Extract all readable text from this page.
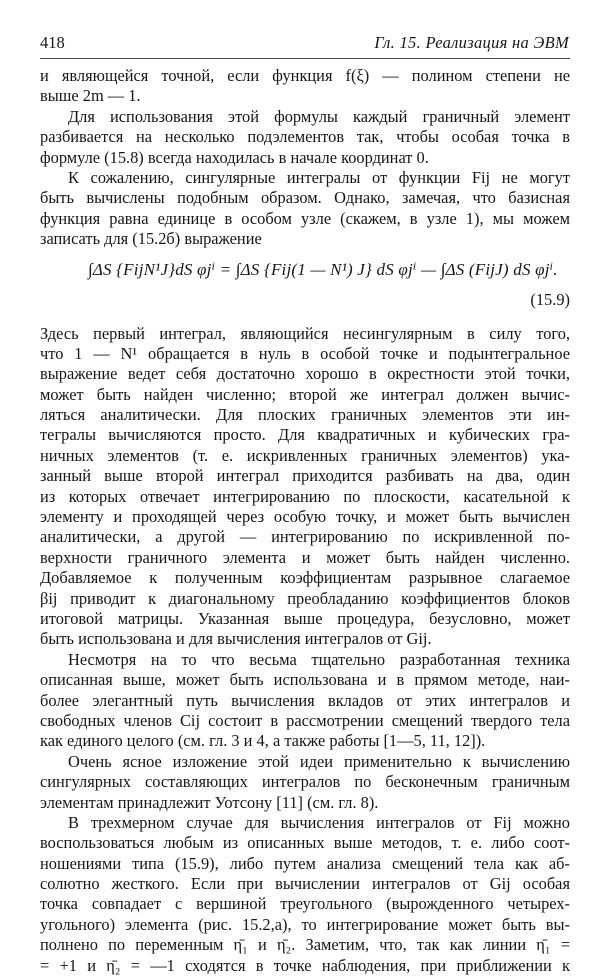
418	Гл. 15. Реализация на ЭВМ
и являющейся точной, если функция f(ξ) — полином степени не
выше 2m — 1.
Для использования этой формулы каждый граничный элемент
разбивается на несколько подэлементов так, чтобы особая точка в
формуле (15.8) всегда находилась в начале координат 0.
К сожалению, сингулярные интегралы от функции Fij не могут
быть вычислены подобным образом. Однако, замечая, что базисная
функция равна единице в особом узле (скажем, в узле 1), мы можем
записать для (15.2б) выражение
∫ΔS {FijN¹J}dS φjⁱ = ∫ΔS {Fij(1 — N¹) J} dS φjⁱ — ∫ΔS (FijJ) dS φjⁱ.
(15.9)
Здесь первый интеграл, являющийся несингулярным в силу того,
что 1 — N¹ обращается в нуль в особой точке и подынтегральное
выражение ведет себя достаточно хорошо в окрестности этой точки,
может быть найден численно; второй же интеграл должен вычис-
ляться аналитически. Для плоских граничных элементов эти ин-
тегралы вычисляются просто. Для квадратичных и кубических гра-
ничных элементов (т. е. искривленных граничных элементов) ука-
занный выше второй интеграл приходится разбивать на два, один
из которых отвечает интегрированию по плоскости, касательной к
элементу и проходящей через особую точку, и может быть вычислен
аналитически, а другой — интегрированию по искривленной по-
верхности граничного элемента и может быть найден численно.
Добавляемое к полученным коэффициентам разрывное слагаемое
βij приводит к диагональному преобладанию коэффициентов блоков
итоговой матрицы. Указанная выше процедура, безусловно, может
быть использована и для вычисления интегралов от Gij.
Несмотря на то что весьма тщательно разработанная техника
описанная выше, может быть использована и в прямом методе, наи-
более элегантный путь вычисления вкладов от этих интегралов и
свободных членов Cij состоит в рассмотрении смещений твердого тела
как единого целого (см. гл. 3 и 4, а также работы [1—5, 11, 12]).
Очень ясное изложение этой идеи применительно к вычислению
сингулярных составляющих интегралов по бесконечным граничным
элементам принадлежит Уотсону [11] (см. гл. 8).
В трехмерном случае для вычисления интегралов от Fij можно
воспользоваться любым из описанных выше методов, т. е. либо соот-
ношениями типа (15.9), либо путем анализа смещений тела как аб-
солютно жесткого. Если при вычислении интегралов от Gij особая
точка совпадает с вершиной треугольного (вырожденного четырех-
угольного) элемента (рис. 15.2,а), то интегрирование может быть вы-
полнено по переменным η̄₁ и η̄₂. Заметим, что, так как линии η̄₁ =
= +1 и η̄₂ = —1 сходятся в точке наблюдения, при приближении к
